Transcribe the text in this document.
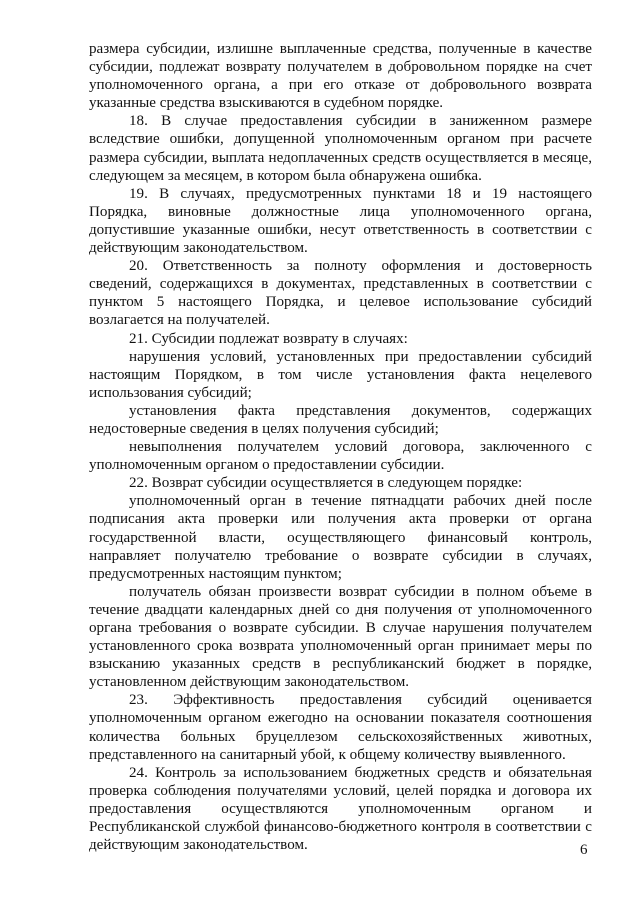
размера субсидии, излишне выплаченные средства, полученные в качестве субсидии, подлежат возврату получателем в добровольном порядке на счет уполномоченного органа, а при его отказе от добровольного возврата указанные средства взыскиваются в судебном порядке.

18. В случае предоставления субсидии в заниженном размере вследствие ошибки, допущенной уполномоченным органом при расчете размера субсидии, выплата недоплаченных средств осуществляется в месяце, следующем за месяцем, в котором была обнаружена ошибка.

19. В случаях, предусмотренных пунктами 18 и 19 настоящего Порядка, виновные должностные лица уполномоченного органа, допустившие указанные ошибки, несут ответственность в соответствии с действующим законодательством.

20. Ответственность за полноту оформления и достоверность сведений, содержащихся в документах, представленных в соответствии с пунктом 5 настоящего Порядка, и целевое использование субсидий возлагается на получателей.

21. Субсидии подлежат возврату в случаях:

нарушения условий, установленных при предоставлении субсидий настоящим Порядком, в том числе установления факта нецелевого использования субсидий;

установления факта представления документов, содержащих недостоверные сведения в целях получения субсидий;

невыполнения получателем условий договора, заключенного с уполномоченным органом о предоставлении субсидии.

22. Возврат субсидии осуществляется в следующем порядке:

уполномоченный орган в течение пятнадцати рабочих дней после подписания акта проверки или получения акта проверки от органа государственной власти, осуществляющего финансовый контроль, направляет получателю требование о возврате субсидии в случаях, предусмотренных настоящим пунктом;

получатель обязан произвести возврат субсидии в полном объеме в течение двадцати календарных дней со дня получения от уполномоченного органа требования о возврате субсидии. В случае нарушения получателем установленного срока возврата уполномоченный орган принимает меры по взысканию указанных средств в республиканский бюджет в порядке, установленном действующим законодательством.

23. Эффективность предоставления субсидий оценивается уполномоченным органом ежегодно на основании показателя соотношения количества больных бруцеллезом сельскохозяйственных животных, представленного на санитарный убой, к общему количеству выявленного.

24. Контроль за использованием бюджетных средств и обязательная проверка соблюдения получателями условий, целей порядка и договора их предоставления осуществляются уполномоченным органом и Республиканской службой финансово-бюджетного контроля в соответствии с действующим законодательством.	6
